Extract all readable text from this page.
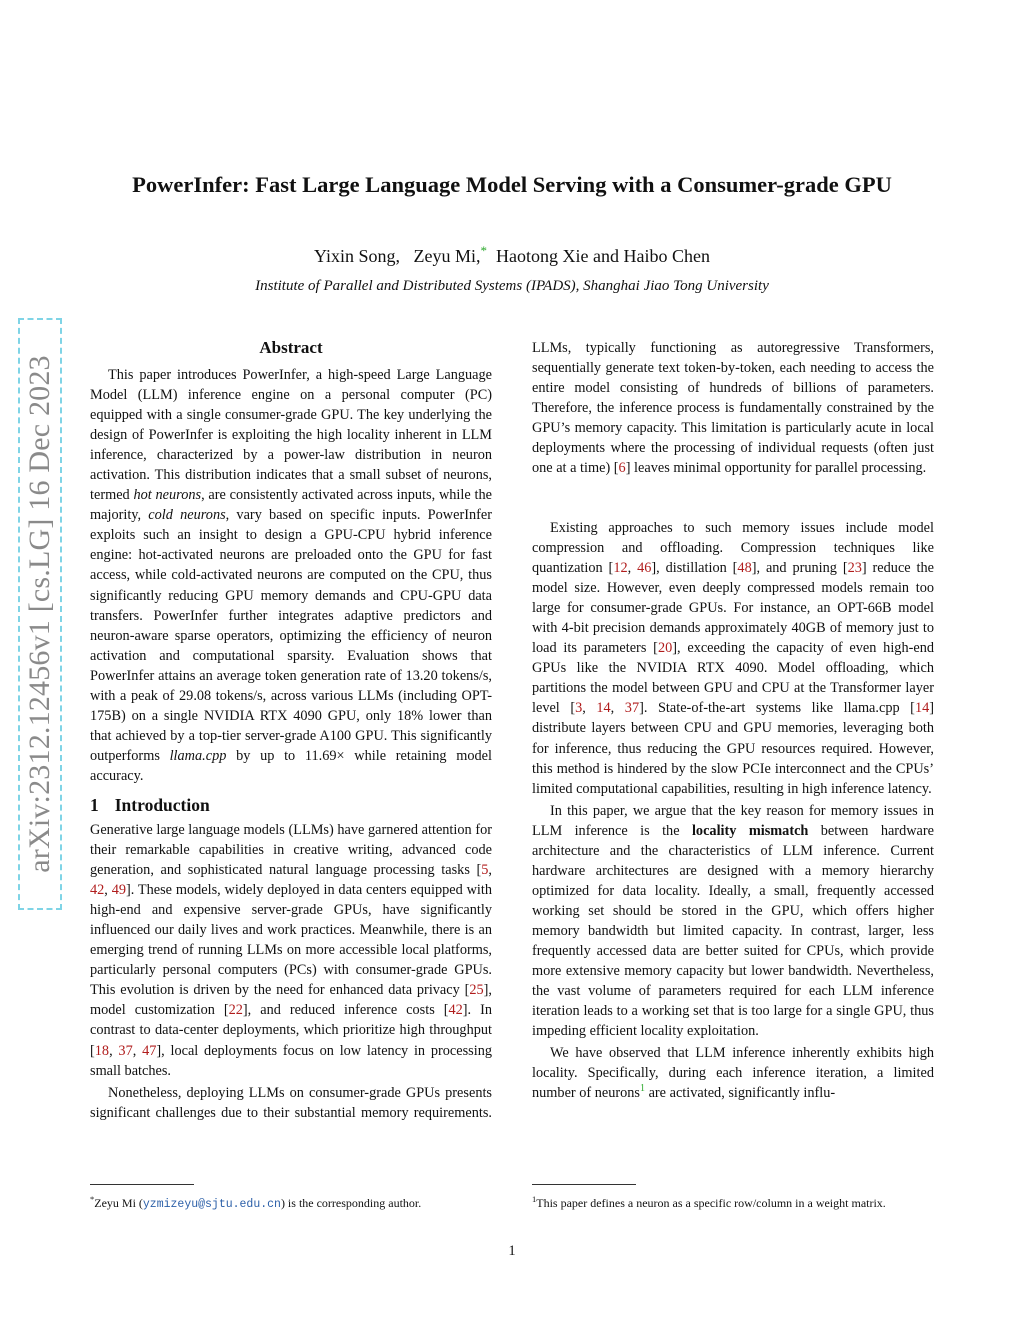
arXiv:2312.12456v1 [cs.LG] 16 Dec 2023
PowerInfer: Fast Large Language Model Serving with a Consumer-grade GPU
Yixin Song, Zeyu Mi,* Haotong Xie and Haibo Chen
Institute of Parallel and Distributed Systems (IPADS), Shanghai Jiao Tong University
Abstract

This paper introduces PowerInfer, a high-speed Large Language Model (LLM) inference engine on a personal computer (PC) equipped with a single consumer-grade GPU. The key underlying the design of PowerInfer is exploiting the high locality inherent in LLM inference, characterized by a power-law distribution in neuron activation. This distribution indicates that a small subset of neurons, termed hot neurons, are consistently activated across inputs, while the majority, cold neurons, vary based on specific inputs. PowerInfer exploits such an insight to design a GPU-CPU hybrid inference engine: hot-activated neurons are preloaded onto the GPU for fast access, while cold-activated neurons are computed on the CPU, thus significantly reducing GPU memory demands and CPU-GPU data transfers. PowerInfer further integrates adaptive predictors and neuron-aware sparse operators, optimizing the efficiency of neuron activation and computational sparsity. Evaluation shows that PowerInfer attains an average token generation rate of 13.20 tokens/s, with a peak of 29.08 tokens/s, across various LLMs (including OPT-175B) on a single NVIDIA RTX 4090 GPU, only 18% lower than that achieved by a top-tier server-grade A100 GPU. This significantly outperforms llama.cpp by up to 11.69× while retaining model accuracy.

1 Introduction

Generative large language models (LLMs) have garnered attention for their remarkable capabilities in creative writing, advanced code generation, and sophisticated natural language processing tasks [5, 42, 49]. These models, widely deployed in data centers equipped with high-end and expensive server-grade GPUs, have significantly influenced our daily lives and work practices. Meanwhile, there is an emerging trend of running LLMs on more accessible local platforms, particularly personal computers (PCs) with consumer-grade GPUs. This evolution is driven by the need for enhanced data privacy [25], model customization [22], and reduced inference costs [42]. In contrast to data-center deployments, which prioritize high throughput [18, 37, 47], local deployments focus on low latency in processing small batches.

Nonetheless, deploying LLMs on consumer-grade GPUs presents significant challenges due to their substantial memory requirements.

LLMs, typically functioning as autoregressive Transformers, sequentially generate text token-by-token, each needing to access the entire model consisting of hundreds of billions of parameters. Therefore, the inference process is fundamentally constrained by the GPU’s memory capacity. This limitation is particularly acute in local deployments where the processing of individual requests (often just one at a time) [6] leaves minimal opportunity for parallel processing.

Existing approaches to such memory issues include model compression and offloading. Compression techniques like quantization [12, 46], distillation [48], and pruning [23] reduce the model size. However, even deeply compressed models remain too large for consumer-grade GPUs. For instance, an OPT-66B model with 4-bit precision demands approximately 40GB of memory just to load its parameters [20], exceeding the capacity of even high-end GPUs like the NVIDIA RTX 4090. Model offloading, which partitions the model between GPU and CPU at the Transformer layer level [3, 14, 37]. State-of-the-art systems like llama.cpp [14] distribute layers between CPU and GPU memories, leveraging both for inference, thus reducing the GPU resources required. However, this method is hindered by the slow PCIe interconnect and the CPUs’ limited computational capabilities, resulting in high inference latency.

In this paper, we argue that the key reason for memory issues in LLM inference is the locality mismatch between hardware architecture and the characteristics of LLM inference. Current hardware architectures are designed with a memory hierarchy optimized for data locality. Ideally, a small, frequently accessed working set should be stored in the GPU, which offers higher memory bandwidth but limited capacity. In contrast, larger, less frequently accessed data are better suited for CPUs, which provide more extensive memory capacity but lower bandwidth. Nevertheless, the vast volume of parameters required for each LLM inference iteration leads to a working set that is too large for a single GPU, thus impeding efficient locality exploitation.

We have observed that LLM inference inherently exhibits high locality. Specifically, during each inference iteration, a limited number of neurons$^1$ are activated, significantly influ-

*Zeyu Mi (yzmizeyu@sjtu.edu.cn) is the corresponding author.	$^1$This paper defines a neuron as a specific row/column in a weight matrix.
1
